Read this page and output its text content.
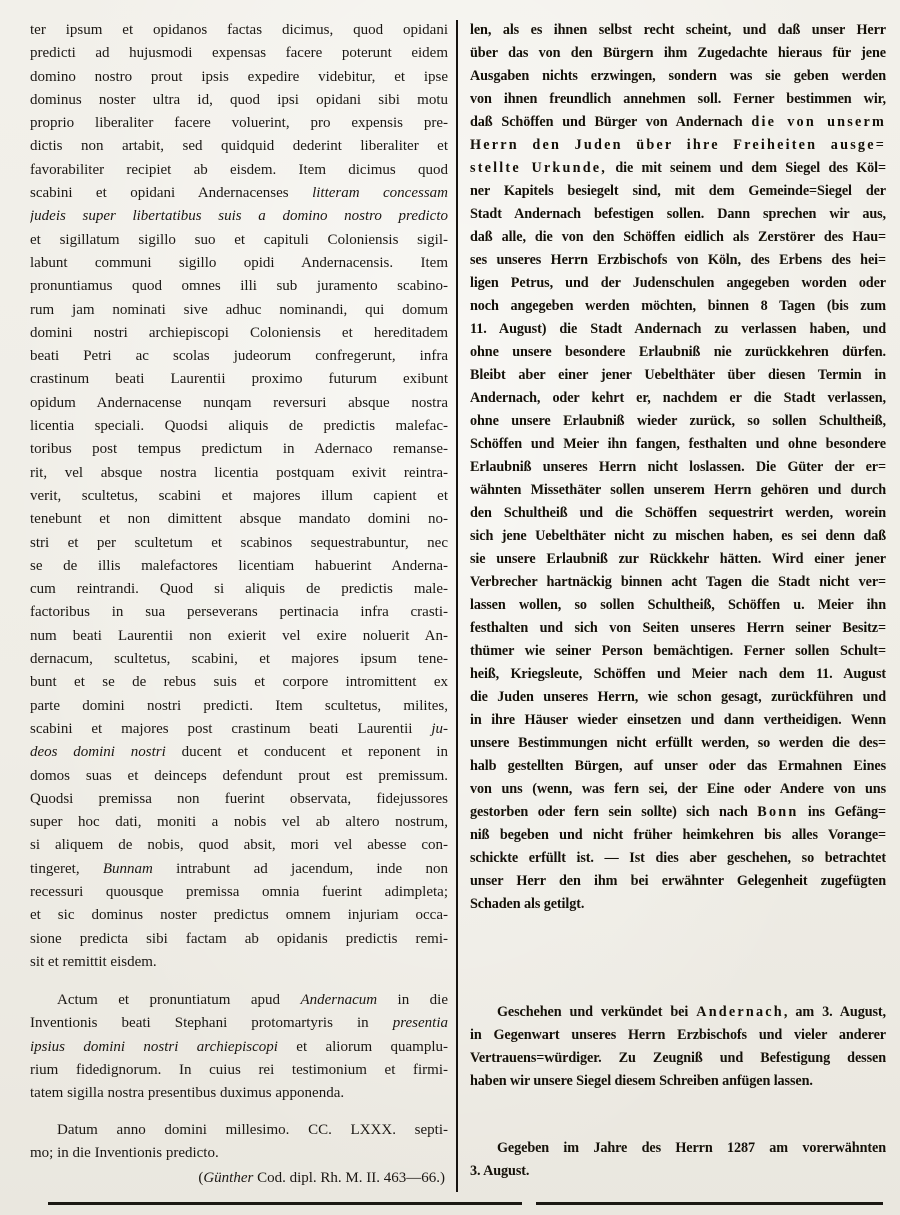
ter ipsum et opidanos factas dicimus, quod opidani
predicti ad hujusmodi expensas facere poterunt eidem
domino nostro prout ipsis expedire videbitur, et ipse
dominus noster ultra id, quod ipsi opidani sibi motu
proprio liberaliter facere voluerint, pro expensis pre-
dictis non artabit, sed quidquid dederint liberaliter et
favorabiliter recipiet ab eisdem. Item dicimus quod
scabini et opidani Andernacenses litteram concessam
judeis super libertatibus suis a domino nostro predicto
et sigillatum sigillo suo et capituli Coloniensis sigil-
labunt communi sigillo opidi Andernacensis. Item
pronuntiamus quod omnes illi sub juramento scabino-
rum jam nominati sive adhuc nominandi, qui domum
domini nostri archiepiscopi Coloniensis et hereditadem
beati Petri ac scolas judeorum confregerunt, infra
crastinum beati Laurentii proximo futurum exibunt
opidum Andernacense nunqam reversuri absque nostra
licentia speciali. Quodsi aliquis de predictis malefac-
toribus post tempus predictum in Adernaco remanse-
rit, vel absque nostra licentia postquam exivit reintra-
verit, scultetus, scabini et majores illum capient et
tenebunt et non dimittent absque mandato domini no-
stri et per scultetum et scabinos sequestrabuntur, nec
se de illis malefactores licentiam habuerint Anderna-
cum reintrandi. Quod si aliquis de predictis male-
factoribus in sua perseverans pertinacia infra crasti-
num beati Laurentii non exierit vel exire noluerit An-
dernacum, scultetus, scabini, et majores ipsum tene-
bunt et se de rebus suis et corpore intromittent ex
parte domini nostri predicti. Item scultetus, milites,
scabini et majores post crastinum beati Laurentii ju-
deos domini nostri ducent et conducent et reponent in
domos suas et deinceps defendunt prout est premissum.
Quodsi premissa non fuerint observata, fidejussores
super hoc dati, moniti a nobis vel ab altero nostrum,
si aliquem de nobis, quod absit, mori vel abesse con-
tingeret, Bunnam intrabunt ad jacendum, inde non
recessuri quousque premissa omnia fuerint adimpleta;
et sic dominus noster predictus omnem injuriam occa-
sione predicta sibi factam ab opidanis predictis remi-
sit et remittit eisdem.
Actum et pronuntiatum apud Andernacum in die
Inventionis beati Stephani protomartyris in presentia
ipsius domini nostri archiepiscopi et aliorum quamplu-
rium fidedignorum. In cuius rei testimonium et firmi-
tatem sigilla nostra presentibus duximus apponenda.
Datum anno domini millesimo. CC. LXXX. septi-
mo; in die Inventionis predicto.
(Günther Cod. dipl. Rh. M. II. 463—66.)
len, als es ihnen selbst recht scheint, und daß unser Herr
über das von den Bürgern ihm Zugedachte hieraus für jene
Ausgaben nichts erzwingen, sondern was sie geben werden
von ihnen freundlich annehmen soll. Ferner bestimmen wir,
daß Schöffen und Bürger von Andernach die von unserm
Herrn den Juden über ihre Freiheiten ausge=
stellte Urkunde, die mit seinem und dem Siegel des Köl=
ner Kapitels besiegelt sind, mit dem Gemeinde=Siegel der
Stadt Andernach befestigen sollen. Dann sprechen wir aus,
daß alle, die von den Schöffen eidlich als Zerstörer des Hau=
ses unseres Herrn Erzbischofs von Köln, des Erbens des hei=
ligen Petrus, und der Judenschulen angegeben worden oder
noch angegeben werden möchten, binnen 8 Tagen (bis zum
11. August) die Stadt Andernach zu verlassen haben, und
ohne unsere besondere Erlaubniß nie zurückkehren dürfen.
Bleibt aber einer jener Uebelthäter über diesen Termin in
Andernach, oder kehrt er, nachdem er die Stadt verlassen,
ohne unsere Erlaubniß wieder zurück, so sollen Schultheiß,
Schöffen und Meier ihn fangen, festhalten und ohne besondere
Erlaubniß unseres Herrn nicht loslassen. Die Güter der er=
wähnten Missethäter sollen unserem Herrn gehören und durch
den Schultheiß und die Schöffen sequestrirt werden, worein
sich jene Uebelthäter nicht zu mischen haben, es sei denn daß
sie unsere Erlaubniß zur Rückkehr hätten. Wird einer jener
Verbrecher hartnäckig binnen acht Tagen die Stadt nicht ver=
lassen wollen, so sollen Schultheiß, Schöffen u. Meier ihn
festhalten und sich von Seiten unseres Herrn seiner Besitz=
thümer wie seiner Person bemächtigen. Ferner sollen Schult=
heiß, Kriegsleute, Schöffen und Meier nach dem 11. August
die Juden unseres Herrn, wie schon gesagt, zurückführen und
in ihre Häuser wieder einsetzen und dann vertheidigen. Wenn
unsere Bestimmungen nicht erfüllt werden, so werden die des=
halb gestellten Bürgen, auf unser oder das Ermahnen Eines
von uns (wenn, was fern sei, der Eine oder Andere von uns
gestorben oder fern sein sollte) sich nach Bonn ins Gefäng=
niß begeben und nicht früher heimkehren bis alles Vorange=
schickte erfüllt ist. — Ist dies aber geschehen, so betrachtet
unser Herr den ihm bei erwähnter Gelegenheit zugefügten
Schaden als getilgt.
Geschehen und verkündet bei Andernach, am 3. August,
in Gegenwart unseres Herrn Erzbischofs und vieler anderer
Vertrauens=würdiger. Zu Zeugniß und Befestigung dessen
haben wir unsere Siegel diesem Schreiben anfügen lassen.
Gegeben im Jahre des Herrn 1287 am vorerwähnten
3. August.
